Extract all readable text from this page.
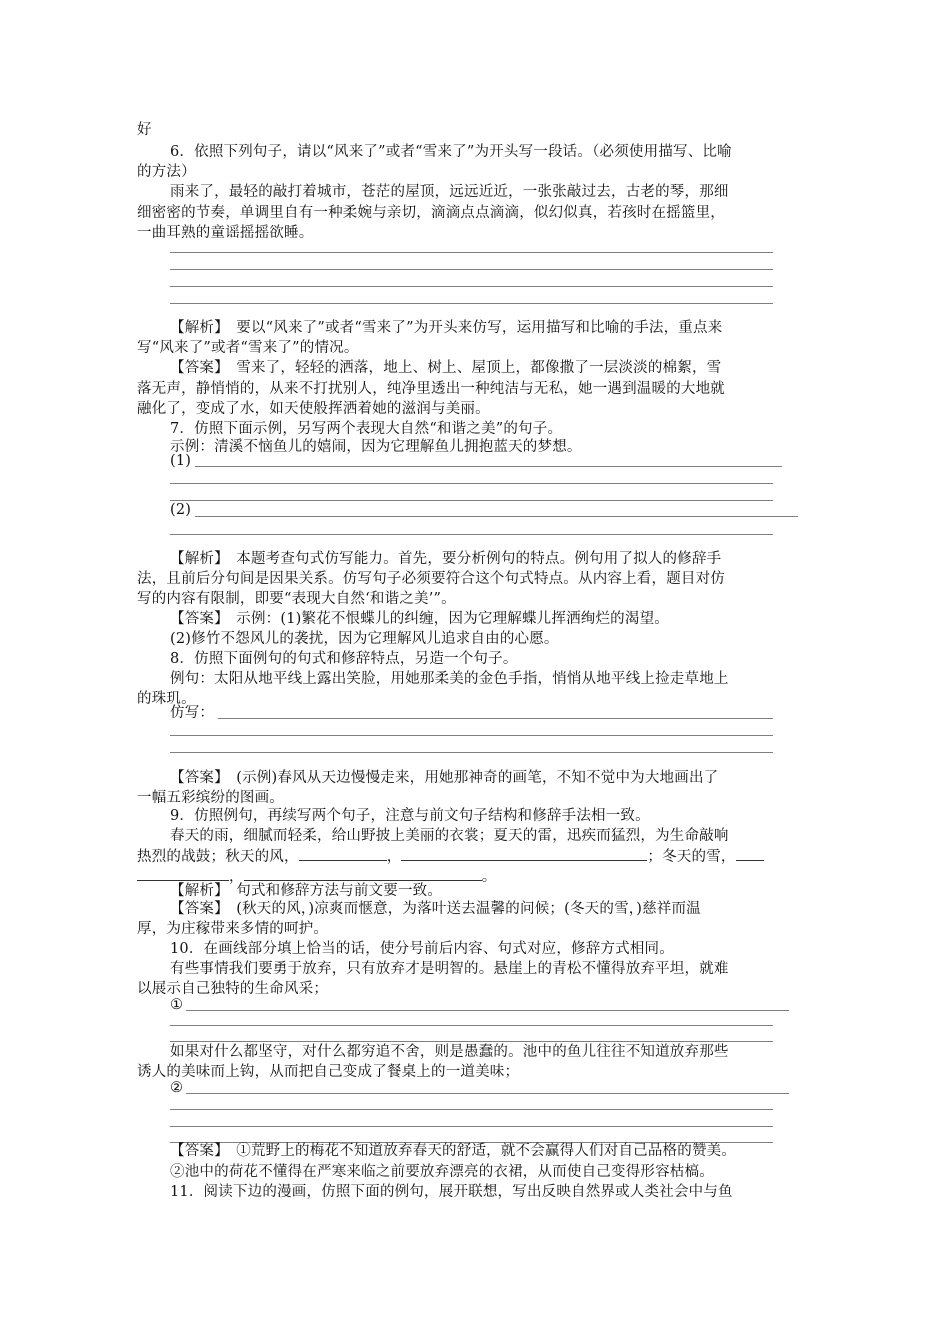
好
6．依照下列句子，请以“风来了”或者“雪来了”为开头写一段话。（必须使用描写、比喻
的方法）
雨来了，最轻的敲打着城市，苍茫的屋顶，远远近近，一张张敲过去，古老的琴，那细
细密密的节奏，单调里自有一种柔婉与亲切，滴滴点点滴滴，似幻似真，若孩时在摇篮里，
一曲耳熟的童谣摇摇欲睡。
【解析】　要以“风来了”或者“雪来了”为开头来仿写，运用描写和比喻的手法，重点来
写“风来了”或者“雪来了”的情况。
【答案】　雪来了，轻轻的洒落，地上、树上、屋顶上，都像撒了一层淡淡的棉絮，雪
落无声，静悄悄的，从来不打扰别人，纯净里透出一种纯洁与无私，她一遇到温暖的大地就
融化了，变成了水，如天使般挥洒着她的滋润与美丽。
7．仿照下面示例，另写两个表现大自然“和谐之美”的句子。
示例：清溪不恼鱼儿的嬉闹，因为它理解鱼儿拥抱蓝天的梦想。
(1)
(2)
【解析】　本题考查句式仿写能力。首先，要分析例句的特点。例句用了拟人的修辞手
法，且前后分句间是因果关系。仿写句子必须要符合这个句式特点。从内容上看，题目对仿
写的内容有限制，即要“表现大自然‘和谐之美’”。
【答案】　示例：(1)繁花不恨蝶儿的纠缠，因为它理解蝶儿挥洒绚烂的渴望。
(2)修竹不怨风儿的袭扰，因为它理解风儿追求自由的心愿。
8．仿照下面例句的句式和修辞特点，另造一个句子。
例句：太阳从地平线上露出笑脸，用她那柔美的金色手指，悄悄从地平线上捡走草地上
的珠玑。
仿写：
【答案】　(示例)春风从天边慢慢走来，用她那神奇的画笔，不知不觉中为大地画出了
一幅五彩缤纷的图画。
9．仿照例句，再续写两个句子，注意与前文句子结构和修辞手法相一致。
春天的雨，细腻而轻柔，给山野披上美丽的衣裳；夏天的雷，迅疾而猛烈，为生命敲响
热烈的战鼓；秋天的风，	，	；冬天的雪，
，	。
【解析】　句式和修辞方法与前文要一致。
【答案】　(秋天的风，)凉爽而惬意，为落叶送去温馨的问候；(冬天的雪，)慈祥而温
厚，为庄稼带来多情的呵护。
10．在画线部分填上恰当的话，使分号前后内容、句式对应，修辞方式相同。
有些事情我们要勇于放弃，只有放弃才是明智的。悬崖上的青松不懂得放弃平坦，就难
以展示自己独特的生命风采；
①
如果对什么都坚守，对什么都穷追不舍，则是愚蠢的。池中的鱼儿往往不知道放弃那些
诱人的美味而上钩，从而把自己变成了餐桌上的一道美味；
②
【答案】　①荒野上的梅花不知道放弃春天的舒适，就不会赢得人们对自己品格的赞美。
②池中的荷花不懂得在严寒来临之前要放弃漂亮的衣裙，从而使自己变得形容枯槁。
11．阅读下边的漫画，仿照下面的例句，展开联想，写出反映自然界或人类社会中与鱼
